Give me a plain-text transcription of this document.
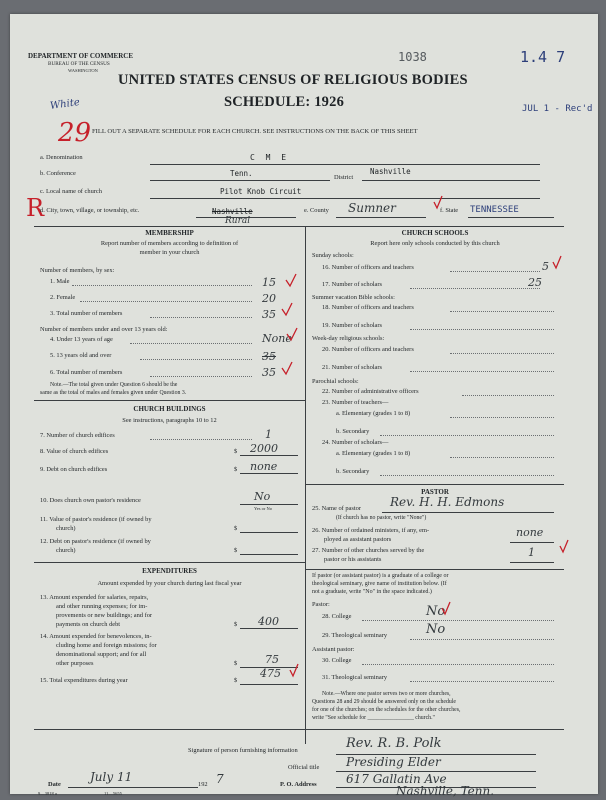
DEPARTMENT OF COMMERCE
BUREAU OF THE CENSUS
WASHINGTON
1038	1.4 7
White
29
UNITED STATES CENSUS OF RELIGIOUS BODIES
SCHEDULE: 1926	JUL 1 - Rec'd
FILL OUT A SEPARATE SCHEDULE FOR EACH CHURCH. SEE INSTRUCTIONS ON THE BACK OF THIS SHEET
a. Denomination	C M E
b. Conference	Tenn.	District
Nashville
c. Local name of church	Pilot Knob Circuit
R
d. City, town, village, or township, etc.	Nashville
Rural
e. County Sumner	f. State TENNESSEE
MEMBERSHIP
Report number of members according to definition of
member in your church
Number of members, by sex:
1. Male	15
2. Female	20
3. Total number of members	35
Number of members under and over 13 years old:
4. Under 13 years of age	None
5. 13 years old and over	35
6. Total number of members	35
Note.—The total given under Question 6 should be the
same as the total of males and females given under Question 3.
CHURCH BUILDINGS
See instructions, paragraphs 10 to 12
7. Number of church edifices	1
8. Value of church edifices	$ 2000
9. Debt on church edifices	$ none
10. Does church own pastor's residence	No
Yes or No
11. Value of pastor's residence (if owned by
church)	$
12. Debt on pastor's residence (if owned by
church)	$
EXPENDITURES
Amount expended by your church during last fiscal year
13. Amount expended for salaries, repairs,
and other running expenses; for im-
provements or new buildings; and for
payments on church debt	$ 400
14. Amount expended for benevolences, in-
cluding home and foreign missions; for
denominational support; and for all
other purposes	$	75
15. Total expenditures during year	$
475
CHURCH SCHOOLS
Report here only schools conducted by this church
Sunday schools:
16. Number of officers and teachers	5
17. Number of scholars	25
Summer vacation Bible schools:
18. Number of officers and teachers
19. Number of scholars
Week-day religious schools:
20. Number of officers and teachers
21. Number of scholars
Parochial schools:
22. Number of administrative officers
23. Number of teachers—
a. Elementary (grades 1 to 8)
b. Secondary
24. Number of scholars—
a. Elementary (grades 1 to 8)
b. Secondary
PASTOR
25. Name of pastor Rev. H. H. Edmons
(If church has no pastor, write "None")
26. Number of ordained ministers, if any, em-
ployed as assistant pastors
none
27. Number of other churches served by the
pastor or his assistants
1
If pastor (or assistant pastor) is a graduate of a college or
theological seminary, give name of institution below. (If
not a graduate, write "No" in the space indicated.)
Pastor:
28. College	No
29. Theological seminary	No
Assistant pastor:
30. College
31. Theological seminary
Note.—Where one pastor serves two or more churches,
Questions 28 and 29 should be answered only on the schedule
for one of the churches; on the schedules for the other churches,
write "See schedule for ________________ church."
Signature of person furnishing information	Rev. R. B. Polk
Official title Presiding Elder
Date
July 11
192 7	P. O. Address 617 Gallatin Ave
Nashville, Tenn.
9—3818 a	11—5655
